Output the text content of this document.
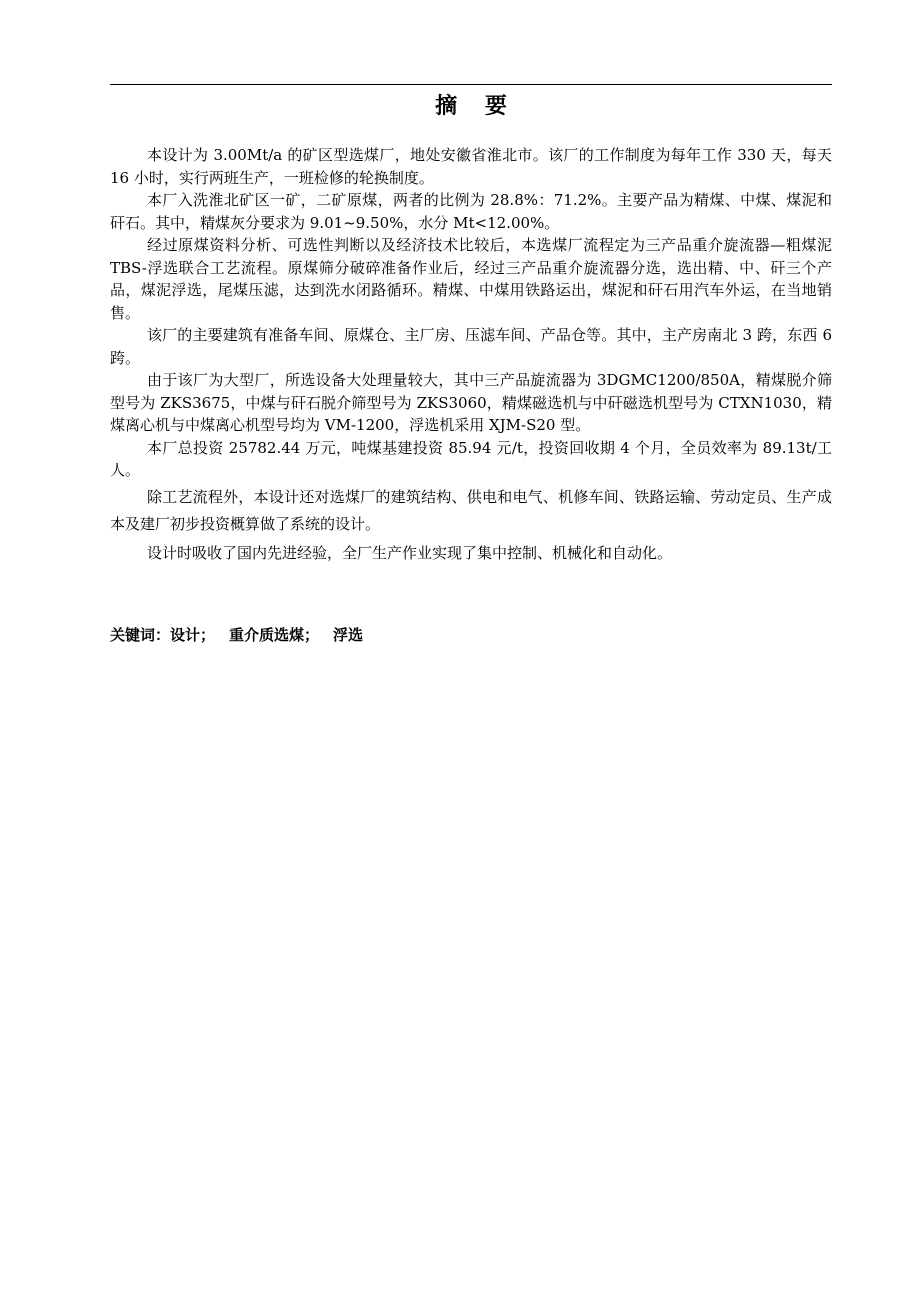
摘 要

本设计为 3.00Mt/a 的矿区型选煤厂，地处安徽省淮北市。该厂的工作制度为每年工作 330 天，每天 16 小时，实行两班生产，一班检修的轮换制度。

本厂入洗淮北矿区一矿，二矿原煤，两者的比例为 28.8%：71.2%。主要产品为精煤、中煤、煤泥和矸石。其中，精煤灰分要求为 9.01~9.50%，水分 Mt<12.00%。

经过原煤资料分析、可选性判断以及经济技术比较后，本选煤厂流程定为三产品重介旋流器—粗煤泥 TBS-浮选联合工艺流程。原煤筛分破碎准备作业后，经过三产品重介旋流器分选，选出精、中、矸三个产品，煤泥浮选，尾煤压滤，达到洗水闭路循环。精煤、中煤用铁路运出，煤泥和矸石用汽车外运，在当地销售。

该厂的主要建筑有准备车间、原煤仓、主厂房、压滤车间、产品仓等。其中，主产房南北 3 跨，东西 6 跨。

由于该厂为大型厂，所选设备大处理量较大，其中三产品旋流器为 3DGMC1200/850A，精煤脱介筛型号为 ZKS3675，中煤与矸石脱介筛型号为 ZKS3060，精煤磁选机与中矸磁选机型号为 CTXN1030，精煤离心机与中煤离心机型号均为 VM-1200，浮选机采用 XJM-S20 型。

本厂总投资 25782.44 万元，吨煤基建投资 85.94 元/t，投资回收期 4 个月，全员效率为 89.13t/工人。

除工艺流程外，本设计还对选煤厂的建筑结构、供电和电气、机修车间、铁路运输、劳动定员、生产成本及建厂初步投资概算做了系统的设计。

设计时吸收了国内先进经验，全厂生产作业实现了集中控制、机械化和自动化。

关键词：设计； 重介质选煤； 浮选
